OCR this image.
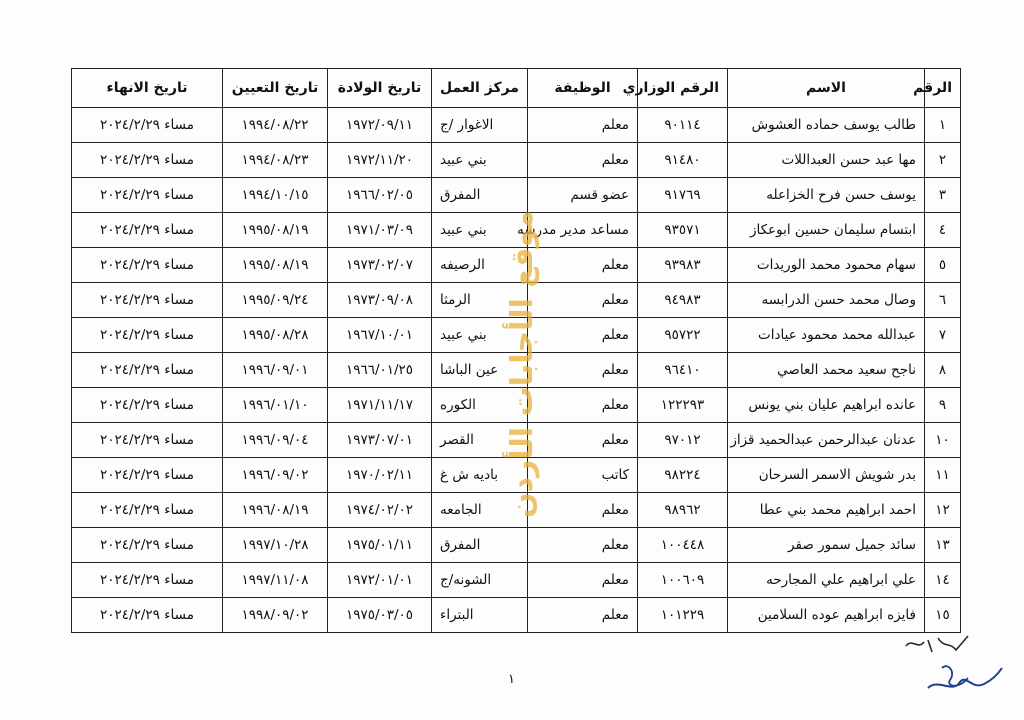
الرقم	الاسم	الرقم الوزاري	الوظيفة	مركز العمل	تاريخ الولادة	تاريخ التعيين	تاريخ الانهاء
١	طالب يوسف حماده العشوش	٩٠١١٤	معلم	الاغوار /ج	١٩٧٢/٠٩/١١	١٩٩٤/٠٨/٢٢	مساء ٢٠٢٤/٢/٢٩
٢	مها عبد حسن العبداللات	٩١٤٨٠	معلم	بني عبيد	١٩٧٢/١١/٢٠	١٩٩٤/٠٨/٢٣	مساء ٢٠٢٤/٢/٢٩
٣	يوسف حسن فرح الخزاعله	٩١٧٦٩	عضو قسم	المفرق	١٩٦٦/٠٢/٠٥	١٩٩٤/١٠/١٥	مساء ٢٠٢٤/٢/٢٩
٤	ابتسام سليمان حسين ابوعكاز	٩٣٥٧١	مساعد مدير مدرسه	بني عبيد	١٩٧١/٠٣/٠٩	١٩٩٥/٠٨/١٩	مساء ٢٠٢٤/٢/٢٩
٥	سهام محمود محمد الوريدات	٩٣٩٨٣	معلم	الرصيفه	١٩٧٣/٠٢/٠٧	١٩٩٥/٠٨/١٩	مساء ٢٠٢٤/٢/٢٩
٦	وصال محمد حسن الدرابسه	٩٤٩٨٣	معلم	الرمثا	١٩٧٣/٠٩/٠٨	١٩٩٥/٠٩/٢٤	مساء ٢٠٢٤/٢/٢٩
٧	عبدالله محمد محمود عيادات	٩٥٧٢٢	معلم	بني عبيد	١٩٦٧/١٠/٠١	١٩٩٥/٠٨/٢٨	مساء ٢٠٢٤/٢/٢٩
٨	ناجح سعيد محمد العاصي	٩٦٤١٠	معلم	عين الباشا	١٩٦٦/٠١/٢٥	١٩٩٦/٠٩/٠١	مساء ٢٠٢٤/٢/٢٩
٩	عانده ابراهيم عليان بني يونس	١٢٢٢٩٣	معلم	الكوره	١٩٧١/١١/١٧	١٩٩٦/٠١/١٠	مساء ٢٠٢٤/٢/٢٩
١٠	عدنان عبدالرحمن عبدالحميد قزاز	٩٧٠١٢	معلم	القصر	١٩٧٣/٠٧/٠١	١٩٩٦/٠٩/٠٤	مساء ٢٠٢٤/٢/٢٩
١١	بدر شويش الاسمر السرحان	٩٨٢٢٤	كاتب	باديه ش غ	١٩٧٠/٠٢/١١	١٩٩٦/٠٩/٠٢	مساء ٢٠٢٤/٢/٢٩
١٢	احمد ابراهيم محمد بني عطا	٩٨٩٦٢	معلم	الجامعه	١٩٧٤/٠٢/٠٢	١٩٩٦/٠٨/١٩	مساء ٢٠٢٤/٢/٢٩
١٣	سائد جميل سمور صقر	١٠٠٤٤٨	معلم	المفرق	١٩٧٥/٠١/١١	١٩٩٧/١٠/٢٨	مساء ٢٠٢٤/٢/٢٩
١٤	علي ابراهيم علي المجارحه	١٠٠٦٠٩	معلم	الشونه/ج	١٩٧٢/٠١/٠١	١٩٩٧/١١/٠٨	مساء ٢٠٢٤/٢/٢٩
١٥	فايزه ابراهيم عوده السلامين	١٠١٢٢٩	معلم	البتراء	١٩٧٥/٠٣/٠٥	١٩٩٨/٠٩/٠٢	مساء ٢٠٢٤/٢/٢٩
موقع الأجابات الأردن
١
